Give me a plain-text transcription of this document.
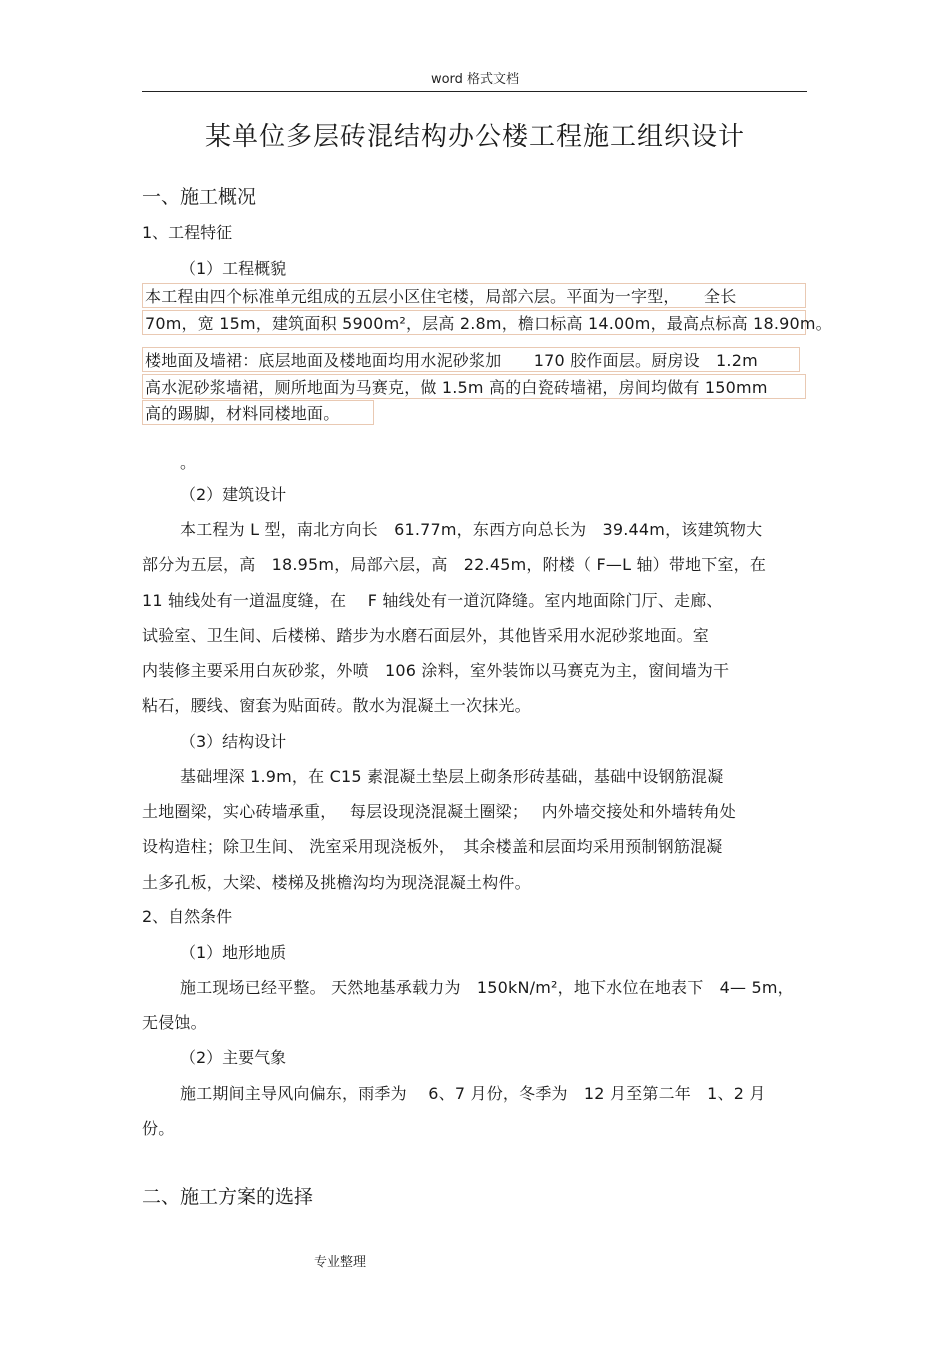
word 格式文档
某单位多层砖混结构办公楼工程施工组织设计
一、施工概况
1、工程特征
（1）工程概貌
本工程由四个标准单元组成的五层小区住宅楼，局部六层。平面为一字型，　　全长
70m，宽 15m，建筑面积 5900m²，层高 2.8m，檐口标高 14.00m，最高点标高 18.90m。
楼地面及墙裙：底层地面及楼地面均用水泥砂浆加　　170 胶作面层。厨房设　1.2m
高水泥砂浆墙裙，厕所地面为马赛克，做 1.5m 高的白瓷砖墙裙，房间均做有 150mm
高的踢脚，材料同楼地面。
。
（2）建筑设计
本工程为 L 型，南北方向长　61.77m，东西方向总长为　39.44m，该建筑物大
部分为五层，高　18.95m，局部六层，高　22.45m，附楼（ F—L 轴）带地下室，在
11 轴线处有一道温度缝，在　 F 轴线处有一道沉降缝。室内地面除门厅、走廊、
试验室、卫生间、后楼梯、踏步为水磨石面层外，其他皆采用水泥砂浆地面。室
内装修主要采用白灰砂浆，外喷　106 涂料，室外装饰以马赛克为主，窗间墙为干
粘石，腰线、窗套为贴面砖。散水为混凝土一次抹光。
（3）结构设计
基础埋深 1.9m，在 C15 素混凝土垫层上砌条形砖基础，基础中设钢筋混凝
土地圈梁，实心砖墙承重，　 每层设现浇混凝土圈梁；　 内外墙交接处和外墙转角处
设构造柱；除卫生间、 洗室采用现浇板外，　其余楼盖和层面均采用预制钢筋混凝
土多孔板，大梁、楼梯及挑檐沟均为现浇混凝土构件。
2、自然条件
（1）地形地质
施工现场已经平整。 天然地基承载力为　150kN/m²，地下水位在地表下　4— 5m，
无侵蚀。
（2）主要气象
施工期间主导风向偏东，雨季为　 6、7 月份，冬季为　12 月至第二年　1、2 月
份。
二、施工方案的选择
专业整理
